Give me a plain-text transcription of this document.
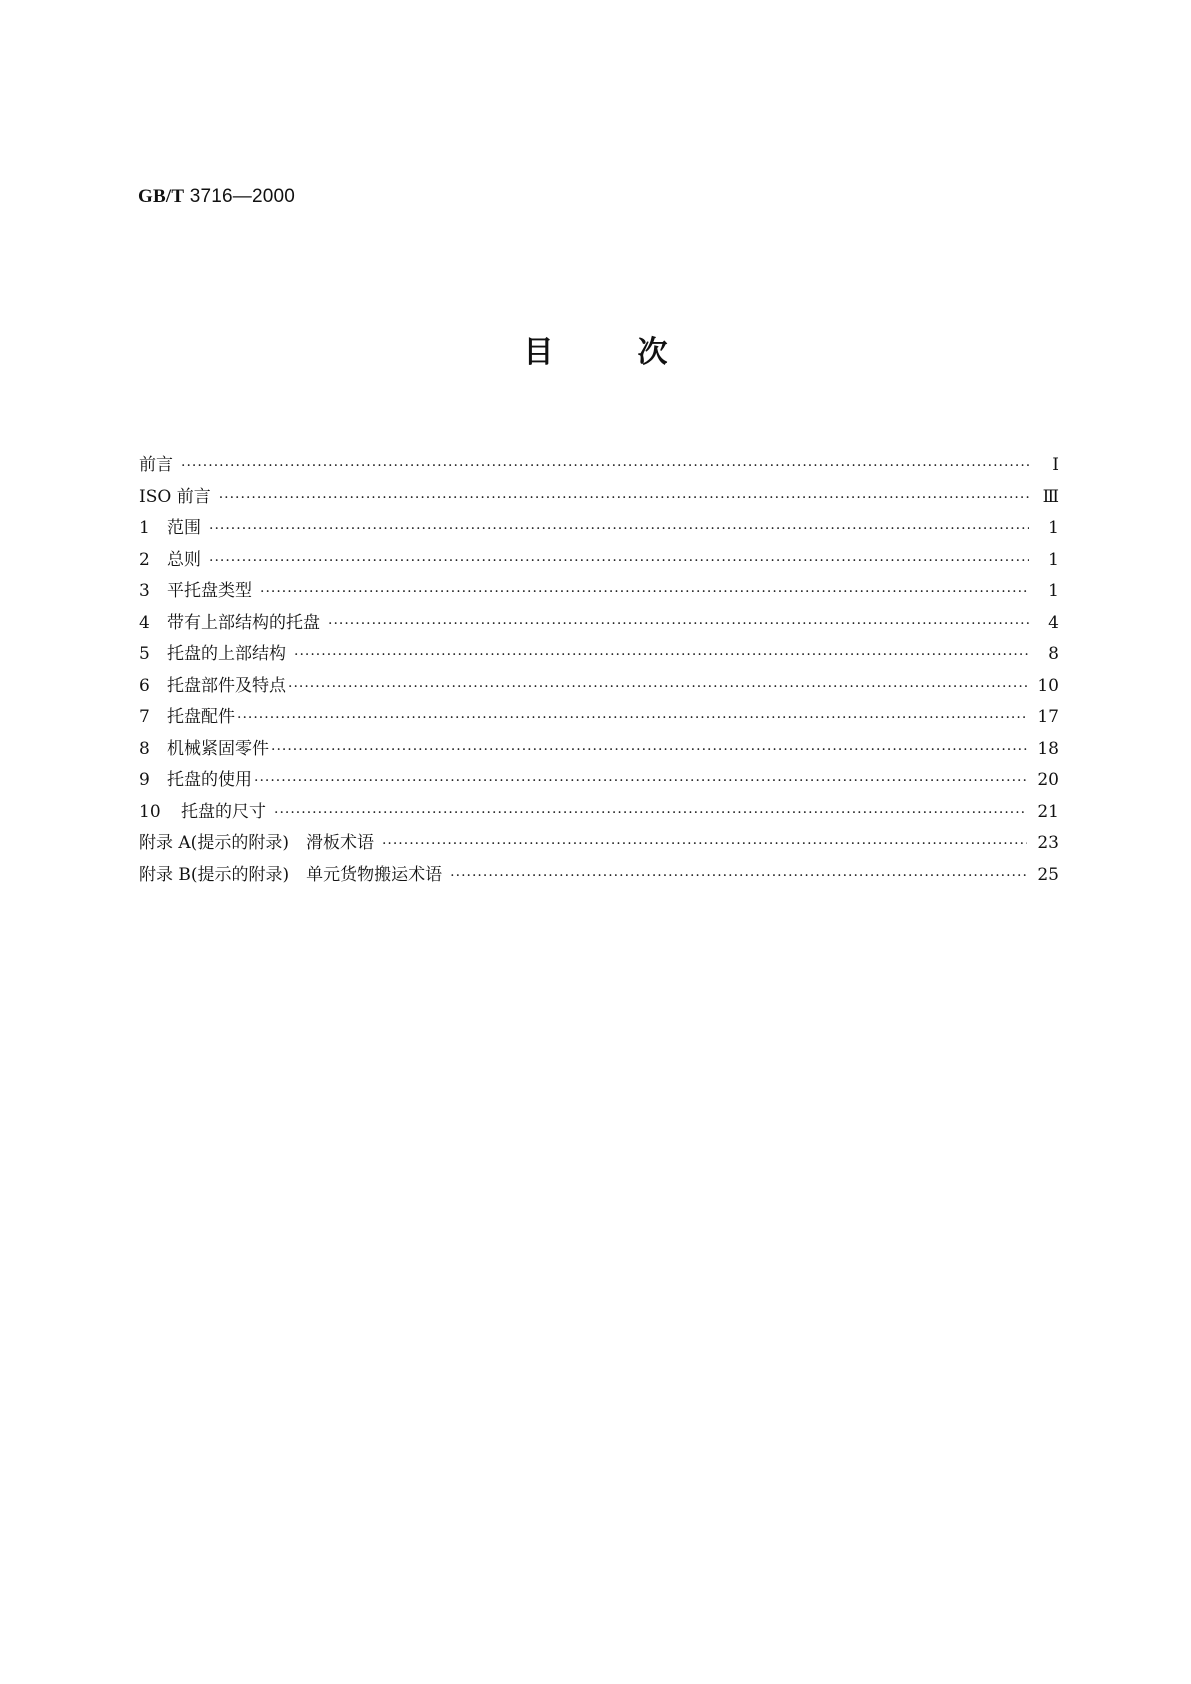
GB/T 3716—2000
目次
前言 ·····	Ⅰ
ISO 前言 ·····	Ⅲ
1 范围 ·····	1
2 总则 ·····	1
3 平托盘类型 ·····	1
4 带有上部结构的托盘 ·····	4
5 托盘的上部结构 ·····	8
6 托盘部件及特点 ·····	10
7 托盘配件 ·····	17
8 机械紧固零件 ·····	18
9 托盘的使用 ·····	20
10 托盘的尺寸 ·····	21
附录 A(提示的附录)　滑板术语 ·····	23
附录 B(提示的附录)　单元货物搬运术语 ·····	25
